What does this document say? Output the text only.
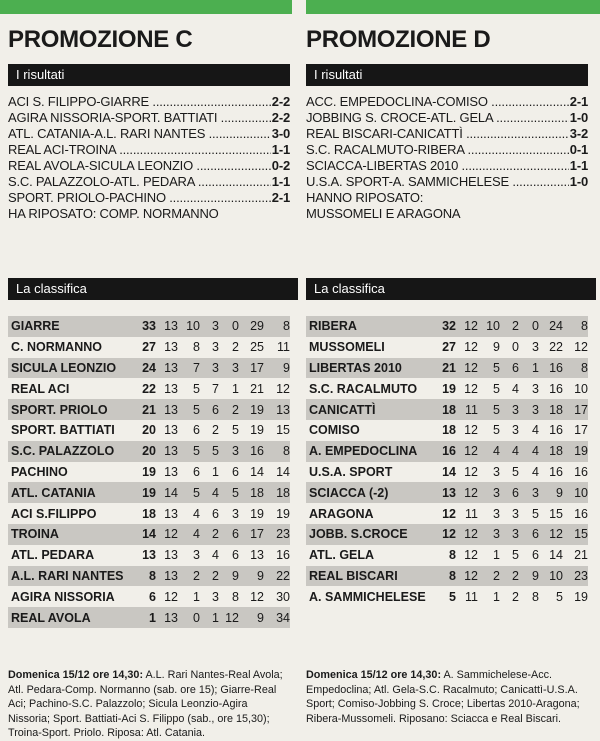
PROMOZIONE C
I risultati
ACI S. FILIPPO-GIARRE .....	2-2
AGIRA NISSORIA-SPORT. BATTIATI .....	2-2
ATL. CATANIA-A.L. RARI NANTES .....	3-0
REAL ACI-TROINA .....	1-1
REAL AVOLA-SICULA LEONZIO .....	0-2
S.C. PALAZZOLO-ATL. PEDARA .....	1-1
SPORT. PRIOLO-PACHINO .....	2-1
HA RIPOSATO: COMP. NORMANNO
La classifica
GIARRE	33	13	10	3	0	29	8
C. NORMANNO	27	13	8	3	2	25	11
SICULA LEONZIO	24	13	7	3	3	17	9
REAL ACI	22	13	5	7	1	21	12
SPORT. PRIOLO	21	13	5	6	2	19	13
SPORT. BATTIATI	20	13	6	2	5	19	15
S.C. PALAZZOLO	20	13	5	5	3	16	8
PACHINO	19	13	6	1	6	14	14
ATL. CATANIA	19	14	5	4	5	18	18
ACI S.FILIPPO	18	13	4	6	3	19	19
TROINA	14	12	4	2	6	17	23
ATL. PEDARA	13	13	3	4	6	13	16
A.L. RARI NANTES	8	13	2	2	9	9	22
AGIRA NISSORIA	6	12	1	3	8	12	30
REAL AVOLA	1	13	0	1	12	9	34
Domenica 15/12 ore 14,30: A.L. Rari Nantes-Real Avola; Atl. Pedara-Comp. Normanno (sab. ore 15); Giarre-Real Aci; Pachino-S.C. Palazzolo; Sicula Leonzio-Agira Nissoria; Sport. Battiati-Aci S. Filippo (sab., ore 15,30); Troina-Sport. Priolo. Riposa: Atl. Catania.
PROMOZIONE D
I risultati
ACC. EMPEDOCLINA-COMISO .....	2-1
JOBBING S. CROCE-ATL. GELA .....	1-0
REAL BISCARI-CANICATTÌ .....	3-2
S.C. RACALMUTO-RIBERA .....	0-1
SCIACCA-LIBERTAS 2010 .....	1-1
U.S.A. SPORT-A. SAMMICHELESE .....	1-0
HANNO RIPOSATO:
MUSSOMELI E ARAGONA
La classifica
RIBERA	32	12	10	2	0	24	8
MUSSOMELI	27	12	9	0	3	22	12
LIBERTAS 2010	21	12	5	6	1	16	8
S.C. RACALMUTO	19	12	5	4	3	16	10
CANICATTÌ	18	11	5	3	3	18	17
COMISO	18	12	5	3	4	16	17
A. EMPEDOCLINA	16	12	4	4	4	18	19
U.S.A. SPORT	14	12	3	5	4	16	16
SCIACCA (-2)	13	12	3	6	3	9	10
ARAGONA	12	11	3	3	5	15	16
JOBB. S.CROCE	12	12	3	3	6	12	15
ATL. GELA	8	12	1	5	6	14	21
REAL BISCARI	8	12	2	2	9	10	23
A. SAMMICHELESE	5	11	1	2	8	5	19
Domenica 15/12 ore 14,30: A. Sammichelese-Acc. Empedoclina; Atl. Gela-S.C. Racalmuto; Canicattì-U.S.A. Sport; Comiso-Jobbing S. Croce; Libertas 2010-Aragona; Ribera-Mussomeli. Riposano: Sciacca e Real Biscari.
